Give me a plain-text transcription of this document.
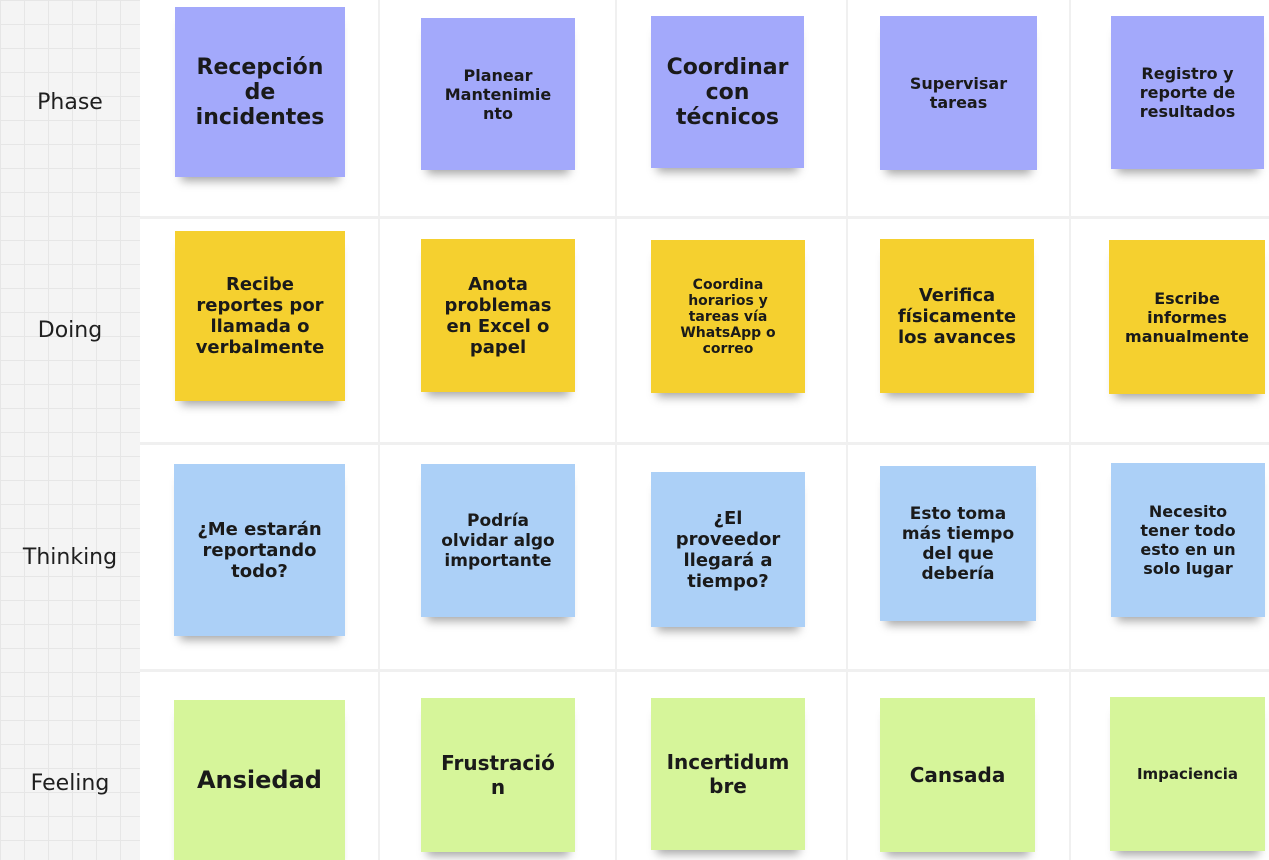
Phase
Doing
Thinking
Feeling
Recepción de incidentes
Planear Mantenimiento
Coordinarcon técnicos
Supervisar tareas
Registro y reporte de resultados
Recibe reportes por llamada o verbalmente
Anota problemas en Excel o papel
Coordina horarios y tareas vía WhatsApp o correo
Verifica físicamente los avances
Escribe informes manualmente
¿Me estarán reportando todo?
Podría olvidar algo importante
¿El proveedor llegará a tiempo?
Esto toma más tiempo del que debería
Necesito tener todo esto en un solo lugar
Ansiedad
Frustración
Incertidumbre	Cansada	Impaciencia
